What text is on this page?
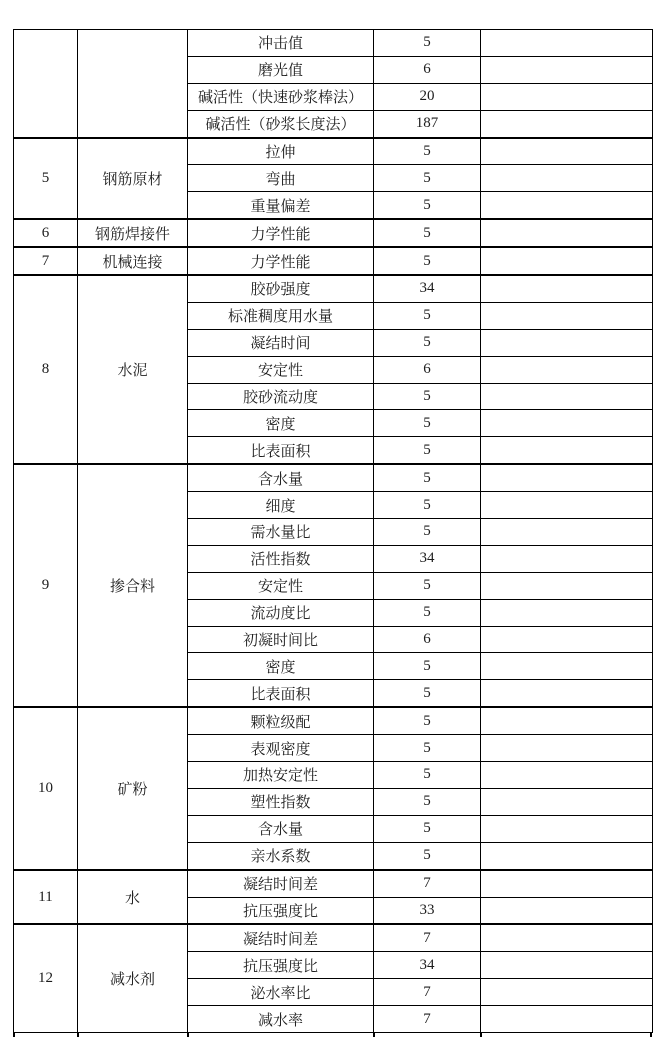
		冲击值	5	
		磨光值	6	
		碱活性（快速砂浆棒法）	20	
		碱活性（砂浆长度法）	187	
5	钢筋原材	拉伸	5	
		弯曲	5	
		重量偏差	5	
6	钢筋焊接件	力学性能	5	
7	机械连接	力学性能	5	
8	水泥	胶砂强度	34	
		标准稠度用水量	5	
		凝结时间	5	
		安定性	6	
		胶砂流动度	5	
		密度	5	
		比表面积	5	
9	掺合料	含水量	5	
		细度	5	
		需水量比	5	
		活性指数	34	
		安定性	5	
		流动度比	5	
		初凝时间比	6	
		密度	5	
		比表面积	5	
10	矿粉	颗粒级配	5	
		表观密度	5	
		加热安定性	5	
		塑性指数	5	
		含水量	5	
		亲水系数	5	
11	水	凝结时间差	7	
		抗压强度比	33	
12	减水剂	凝结时间差	7	
		抗压强度比	34	
		泌水率比	7	
		减水率	7	
